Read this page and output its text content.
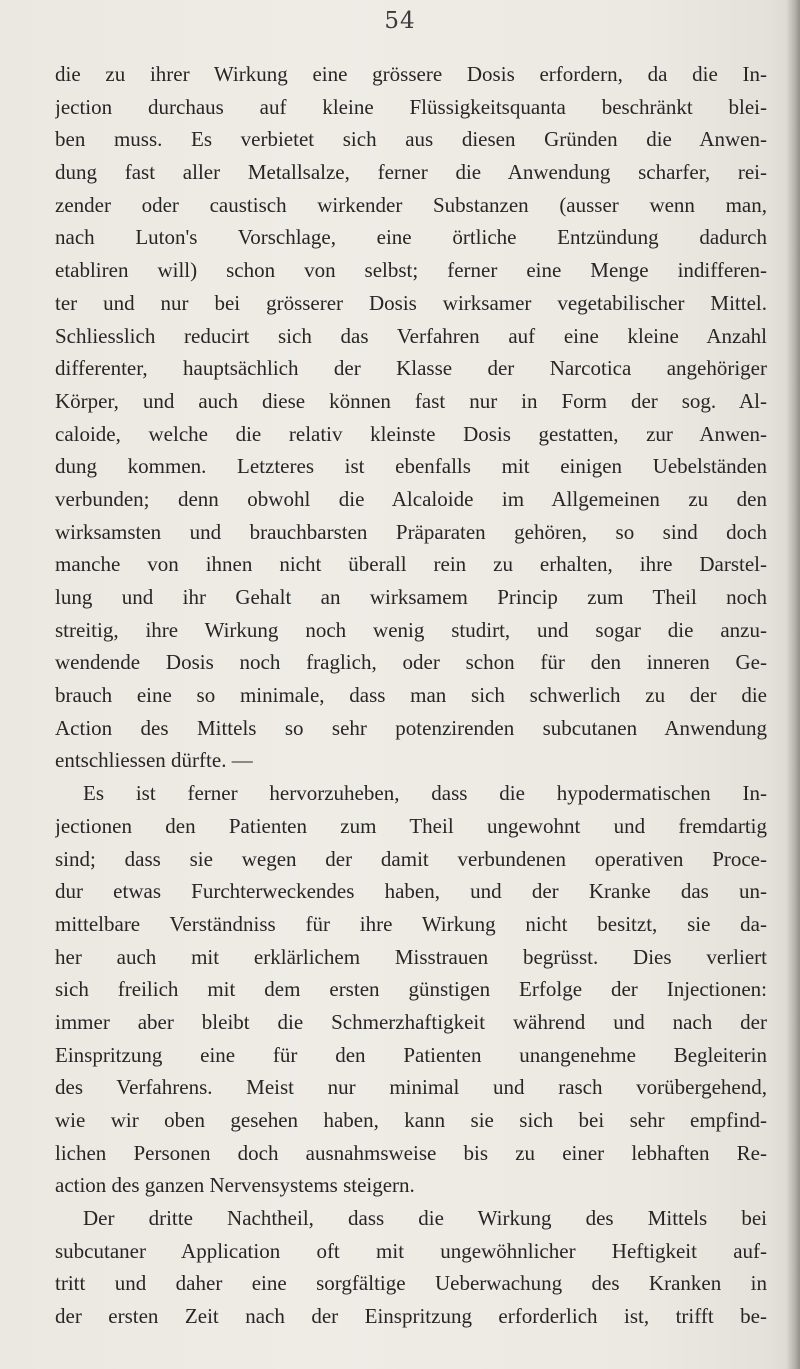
54
die zu ihrer Wirkung eine grössere Dosis erfordern, da die In-
jection durchaus auf kleine Flüssigkeitsquanta beschränkt blei-
ben muss. Es verbietet sich aus diesen Gründen die Anwen-
dung fast aller Metallsalze, ferner die Anwendung scharfer, rei-
zender oder caustisch wirkender Substanzen (ausser wenn man,
nach Luton's Vorschlage, eine örtliche Entzündung dadurch
etabliren will) schon von selbst; ferner eine Menge indifferen-
ter und nur bei grösserer Dosis wirksamer vegetabilischer Mittel.
Schliesslich reducirt sich das Verfahren auf eine kleine Anzahl
differenter, hauptsächlich der Klasse der Narcotica angehöriger
Körper, und auch diese können fast nur in Form der sog. Al-
caloide, welche die relativ kleinste Dosis gestatten, zur Anwen-
dung kommen. Letzteres ist ebenfalls mit einigen Uebelständen
verbunden; denn obwohl die Alcaloide im Allgemeinen zu den
wirksamsten und brauchbarsten Präparaten gehören, so sind doch
manche von ihnen nicht überall rein zu erhalten, ihre Darstel-
lung und ihr Gehalt an wirksamem Princip zum Theil noch
streitig, ihre Wirkung noch wenig studirt, und sogar die anzu-
wendende Dosis noch fraglich, oder schon für den inneren Ge-
brauch eine so minimale, dass man sich schwerlich zu der die
Action des Mittels so sehr potenzirenden subcutanen Anwendung
entschliessen dürfte. —
Es ist ferner hervorzuheben, dass die hypodermatischen In-
jectionen den Patienten zum Theil ungewohnt und fremdartig
sind; dass sie wegen der damit verbundenen operativen Proce-
dur etwas Furchterweckendes haben, und der Kranke das un-
mittelbare Verständniss für ihre Wirkung nicht besitzt, sie da-
her auch mit erklärlichem Misstrauen begrüsst. Dies verliert
sich freilich mit dem ersten günstigen Erfolge der Injectionen:
immer aber bleibt die Schmerzhaftigkeit während und nach der
Einspritzung eine für den Patienten unangenehme Begleiterin
des Verfahrens. Meist nur minimal und rasch vorübergehend,
wie wir oben gesehen haben, kann sie sich bei sehr empfind-
lichen Personen doch ausnahmsweise bis zu einer lebhaften Re-
action des ganzen Nervensystems steigern.
Der dritte Nachtheil, dass die Wirkung des Mittels bei
subcutaner Application oft mit ungewöhnlicher Heftigkeit auf-
tritt und daher eine sorgfältige Ueberwachung des Kranken in
der ersten Zeit nach der Einspritzung erforderlich ist, trifft be-
